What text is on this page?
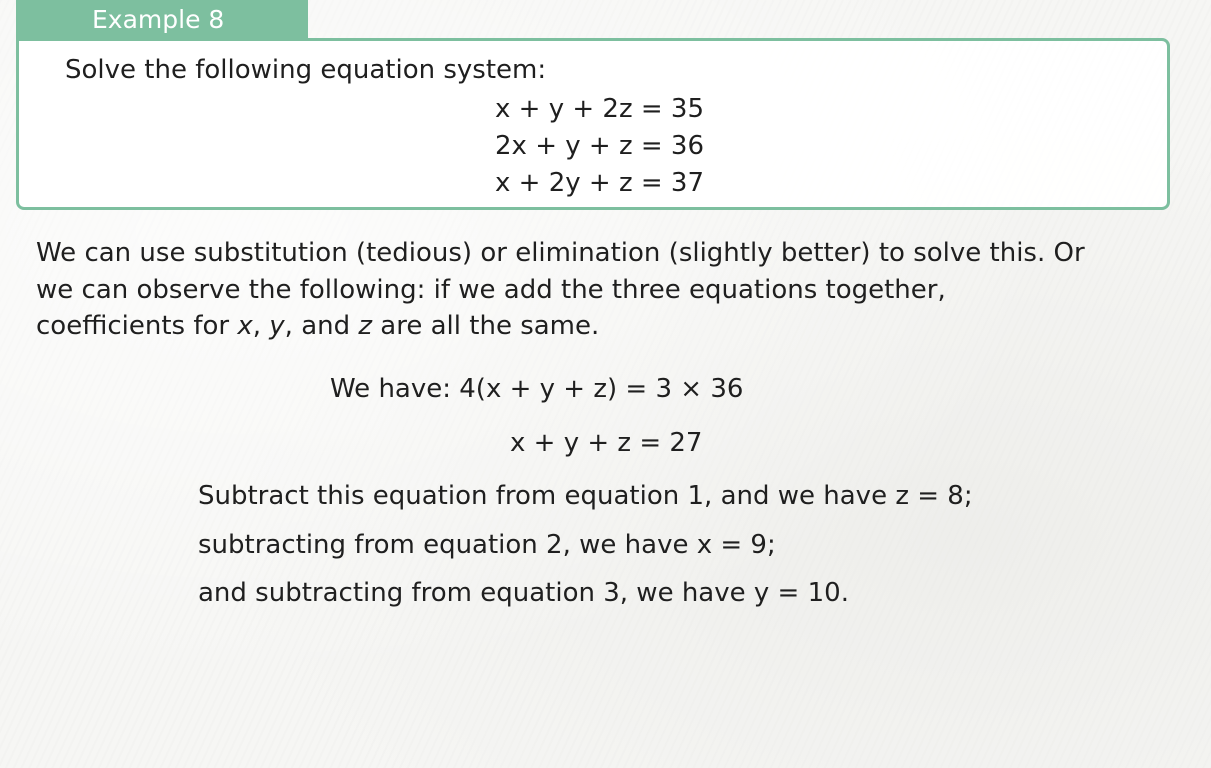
Example 8
Solve the following equation system:
x + y + 2z = 35
2x + y + z = 36
x + 2y + z = 37
We can use substitution (tedious) or elimination (slightly better) to solve this. Or
we can observe the following: if we add the three equations together,
coefficients for x, y, and z are all the same.
We have: 4(x + y + z) = 3 × 36
x + y + z = 27
Subtract this equation from equation 1, and we have z = 8;
subtracting from equation 2, we have x = 9;
and subtracting from equation 3, we have y = 10.
